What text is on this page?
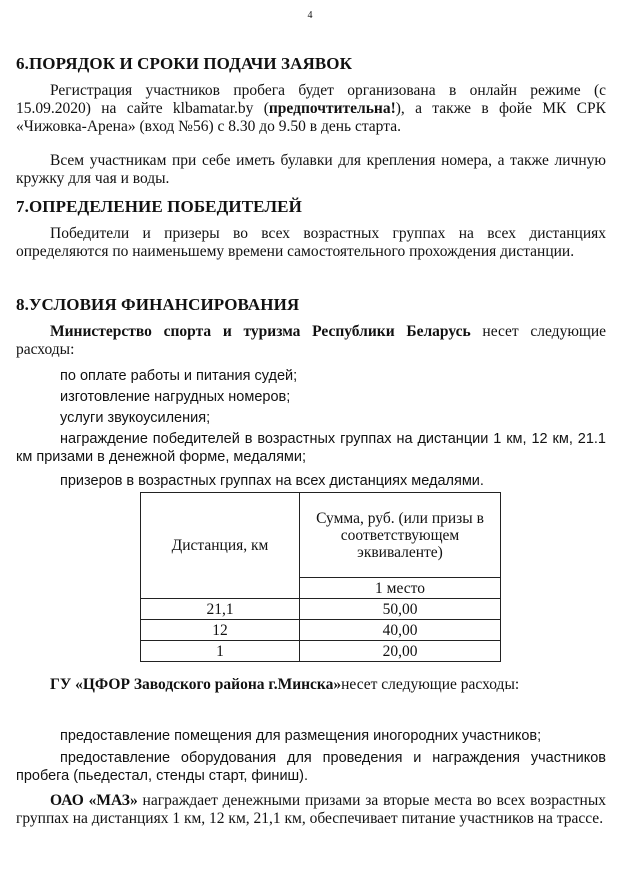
4
6.ПОРЯДОК И СРОКИ ПОДАЧИ ЗАЯВОК

Регистрация участников пробега будет организована в онлайн режиме (с 15.09.2020) на сайте klbamatar.by (предпочтительна!), а также в фойе МК СРК «Чижовка-Арена» (вход №56) с 8.30 до 9.50 в день старта.

Всем участникам при себе иметь булавки для крепления номера, а также личную кружку для чая и воды.

7.ОПРЕДЕЛЕНИЕ ПОБЕДИТЕЛЕЙ

Победители и призеры во всех возрастных группах на всех дистанциях определяются по наименьшему времени самостоятельного прохождения дистанции.

8.УСЛОВИЯ ФИНАНСИРОВАНИЯ

Министерство спорта и туризма Республики Беларусь несет следующие расходы:

по оплате работы и питания судей;

изготовление нагрудных номеров;

услуги звукоусиления;

награждение победителей в возрастных группах на дистанции 1 км, 12 км, 21.1 км призами в денежной форме, медалями;

призеров в возрастных группах на всех дистанциях медалями.

Дистанция, км	Сумма, руб. (или призы в соответствующем эквиваленте)
	1 место
21,1	50,00
12	40,00
1	20,00

ГУ «ЦФОР Заводского района г.Минска»несет следующие расходы:

предоставление помещения для размещения иногородних участников;

предоставление оборудования для проведения и награждения участников пробега (пьедестал, стенды старт, финиш).

ОАО «МАЗ» награждает денежными призами за вторые места во всех возрастных группах на дистанциях 1 км, 12 км, 21,1 км, обеспечивает питание участников на трассе.
